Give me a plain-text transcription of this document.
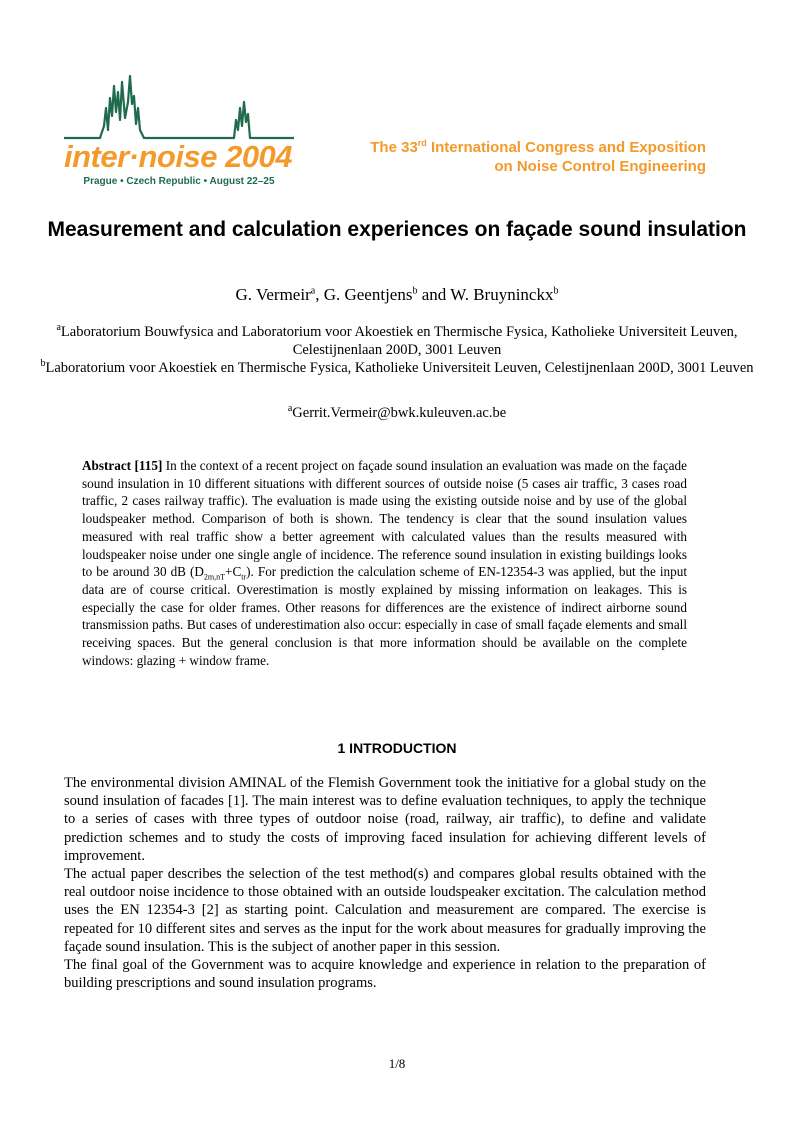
inter·noise 2004
Prague • Czech Republic • August 22–25
The 33rd International Congress and Exposition
on Noise Control Engineering
Measurement and calculation experiences on façade sound insulation
G. Vermeir$^a$, G. Geentjens$^b$ and W. Bruyninckx$^b$

$^a$Laboratorium Bouwfysica and Laboratorium voor Akoestiek en Thermische Fysica, Katholieke Universiteit Leuven, Celestijnenlaan 200D, 3001 Leuven

$^b$Laboratorium voor Akoestiek en Thermische Fysica, Katholieke Universiteit Leuven, Celestijnenlaan 200D, 3001 Leuven

$^a$Gerrit.Vermeir@bwk.kuleuven.ac.be
Abstract [115] In the context of a recent project on façade sound insulation an evaluation was made on the façade sound insulation in 10 different situations with different sources of outside noise (5 cases air traffic, 3 cases road traffic, 2 cases railway traffic). The evaluation is made using the existing outside noise and by use of the global loudspeaker method. Comparison of both is shown. The tendency is clear that the sound insulation values measured with real traffic show a better agreement with calculated values than the results measured with loudspeaker noise under one single angle of incidence. The reference sound insulation in existing buildings looks to be around 30 dB $(D_{2m,nT}+C_{tr})$. For prediction the calculation scheme of EN-12354-3 was applied, but the input data are of course critical. Overestimation is mostly explained by missing information on leakages. This is especially the case for older frames. Other reasons for differences are the existence of indirect airborne sound transmission paths. But cases of underestimation also occur: especially in case of small façade elements and small receiving spaces. But the general conclusion is that more information should be available on the complete windows: glazing + window frame.
1 INTRODUCTION

The environmental division AMINAL of the Flemish Government took the initiative for a global study on the sound insulation of facades [1]. The main interest was to define evaluation techniques, to apply the technique to a series of cases with three types of outdoor noise (road, railway, air traffic), to define and validate prediction schemes and to study the costs of improving faced insulation for achieving different levels of improvement.

The actual paper describes the selection of the test method(s) and compares global results obtained with the real outdoor noise incidence to those obtained with an outside loudspeaker excitation. The calculation method uses the EN 12354-3 [2] as starting point. Calculation and measurement are compared. The exercise is repeated for 10 different sites and serves as the input for the work about measures for gradually improving the façade sound insulation. This is the subject of another paper in this session.

The final goal of the Government was to acquire knowledge and experience in relation to the preparation of building prescriptions and sound insulation programs.

1/8
